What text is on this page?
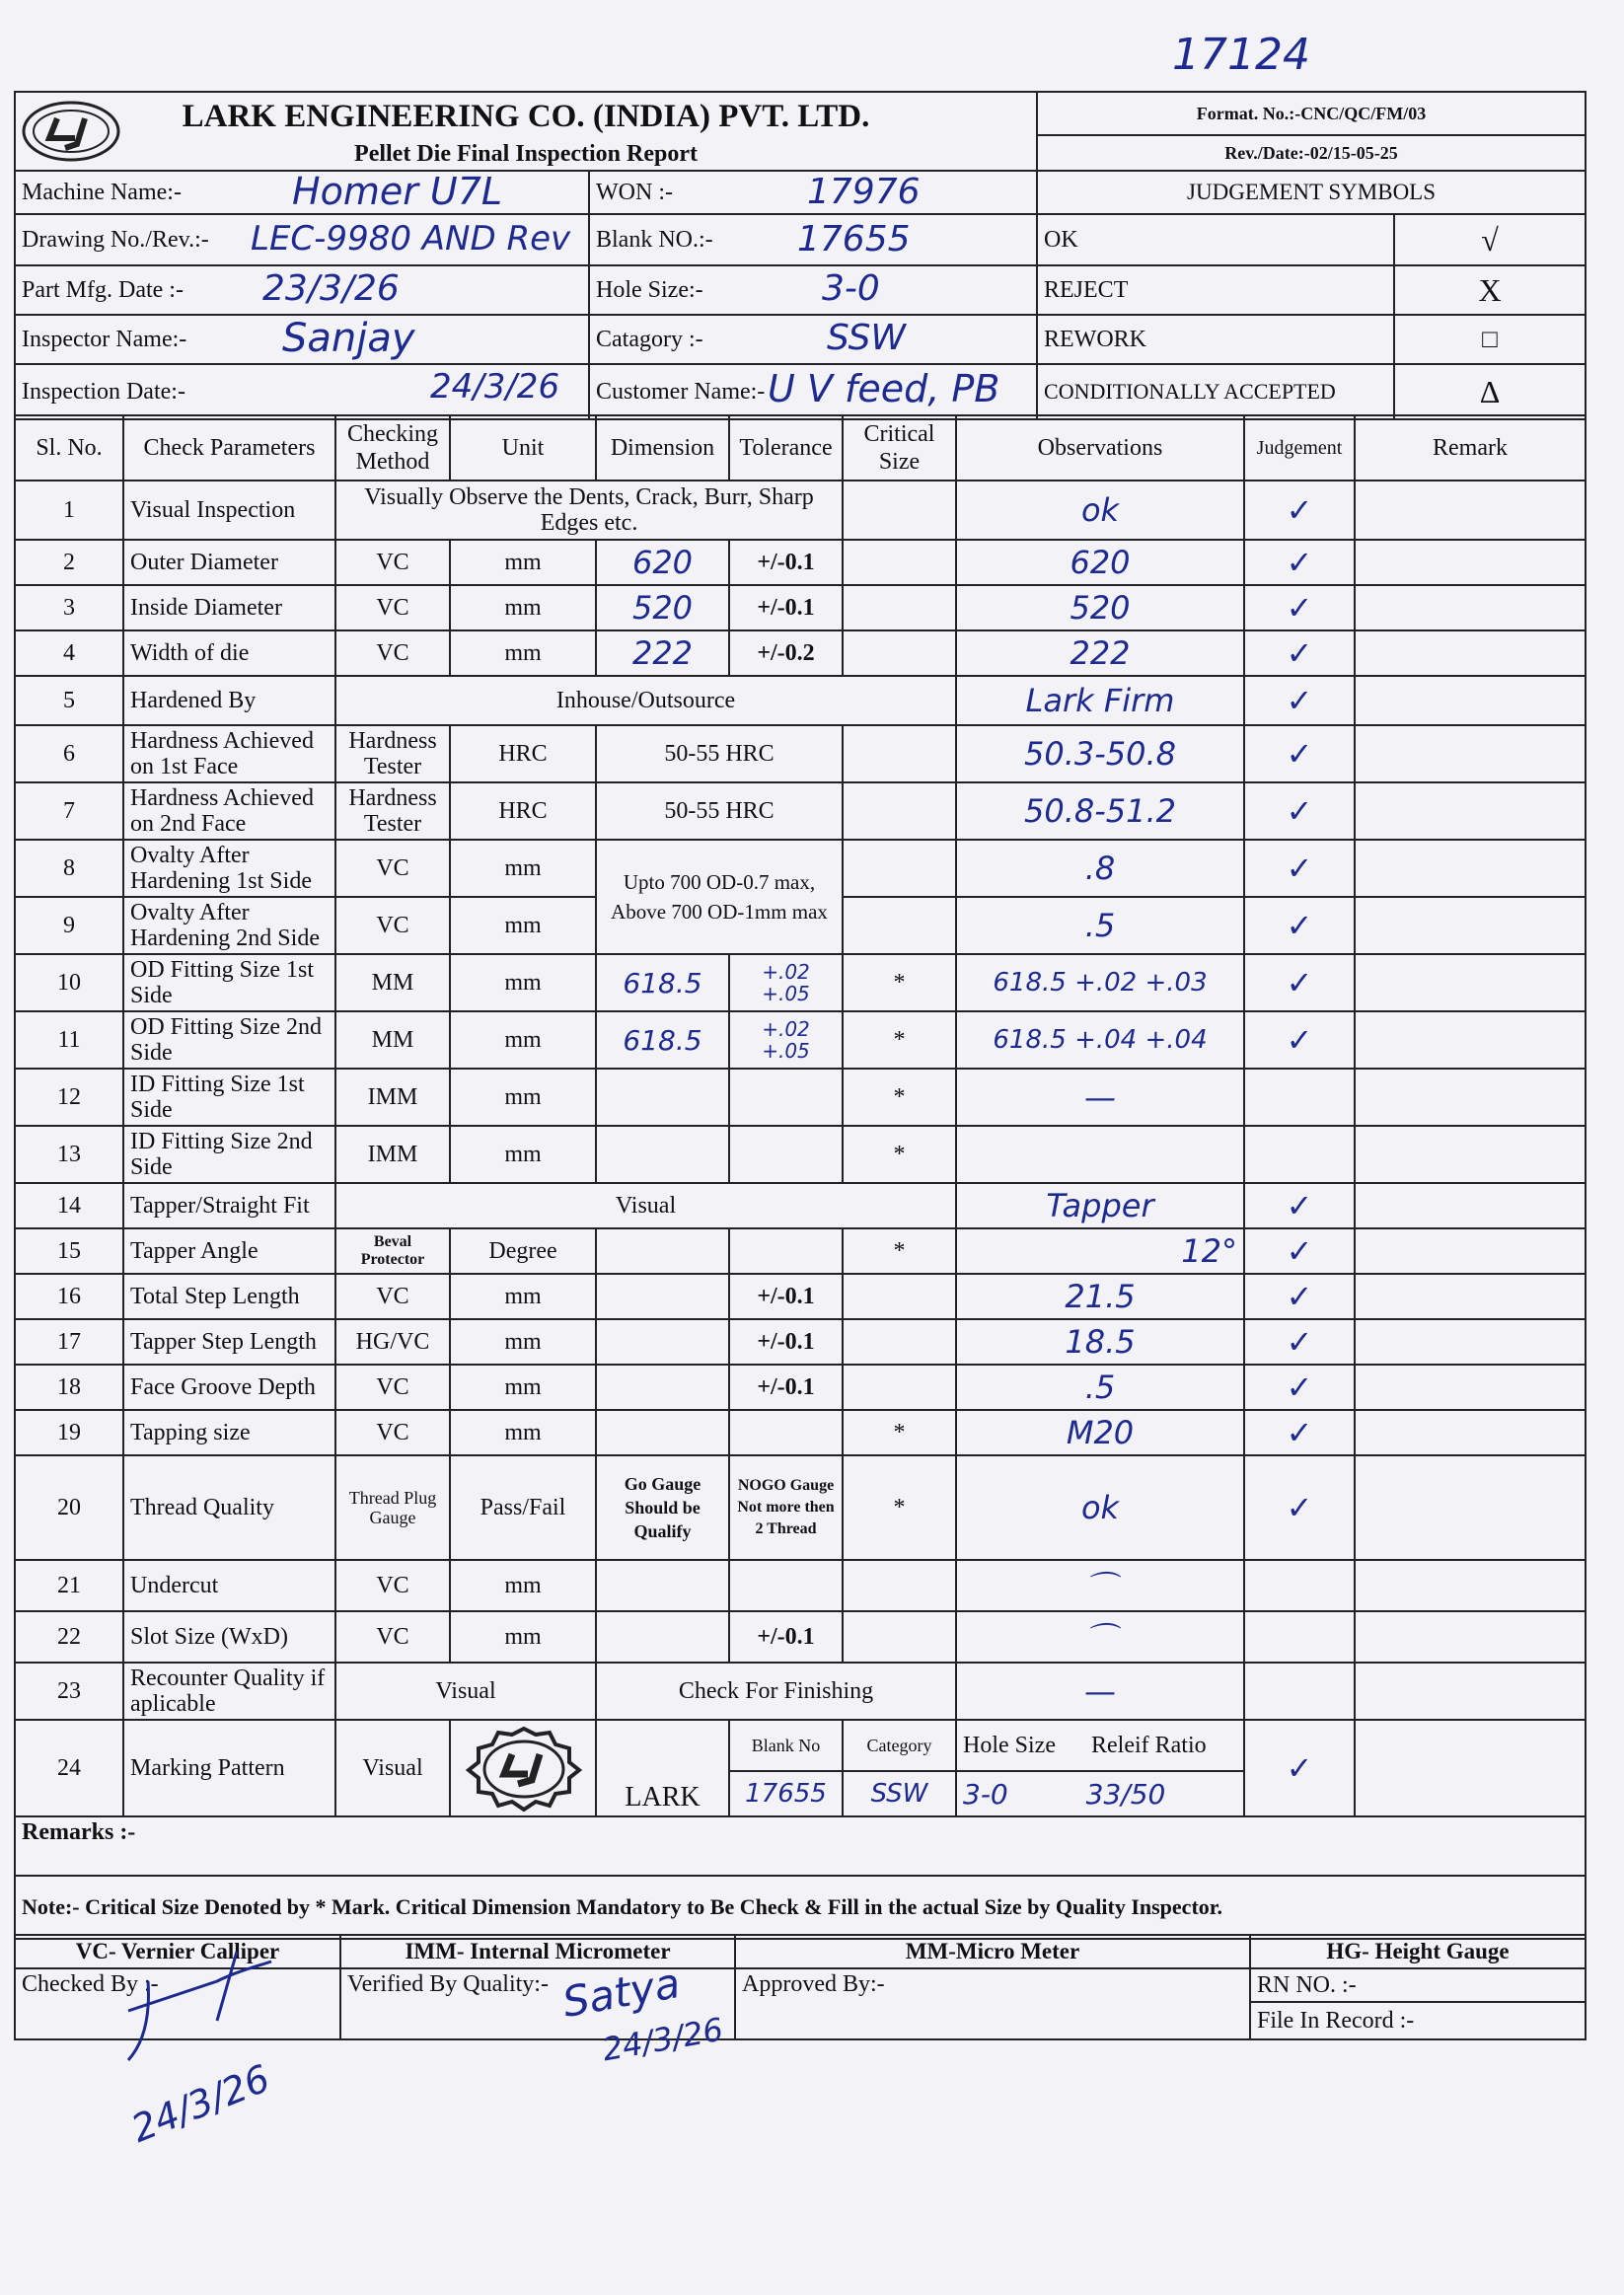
17124
LARK ENGINEERING CO. (INDIA) PVT. LTD.
Pellet Die Final Inspection Report		Format. No.:-CNC/QC/FM/03	
		Rev./Date:-02/15-05-25	
Machine Name:- Homer U7L	WON :- 17976	JUDGEMENT SYMBOLS	
Drawing No./Rev.:- LEC-9980 AND Rev	Blank NO.:- 17655	OK	√
Part Mfg. Date :- 23/3/26	Hole Size:- 3-0	REJECT	X
Inspector Name:- Sanjay	Catagory :- SSW	REWORK	□
Inspection Date:- 24/3/26	Customer Name:- U V feed, PB	CONDITIONALLY ACCEPTED	Δ
Sl. No.	Check Parameters	Checking Method	Unit	Dimension	Tolerance	Critical Size	Observations	Judgement	Remark
1	Visual Inspection	Visually Observe the Dents, Crack, Burr, Sharp Edges etc.					ok	✓	
2	Outer Diameter	VC	mm	620	+/-0.1		620	✓	
3	Inside Diameter	VC	mm	520	+/-0.1		520	✓	
4	Width of die	VC	mm	222	+/-0.2		222	✓	
5	Hardened By	Inhouse/Outsource					Lark Firm	✓	
6	Hardness Achieved on 1st Face	Hardness Tester	HRC	50-55 HRC			50.3-50.8	✓	
7	Hardness Achieved on 2nd Face	Hardness Tester	HRC	50-55 HRC			50.8-51.2	✓	
8	Ovalty After Hardening 1st Side	VC	mm	Upto 700 OD-0.7 max, Above 700 OD-1mm max			.8	✓	
9	Ovalty After Hardening 2nd Side	VC	mm				.5	✓	
10	OD Fitting Size 1st Side	MM	mm	618.5	+.02 +.05	*	618.5 +.02 +.03	✓	
11	OD Fitting Size 2nd Side	MM	mm	618.5	+.02 +.05	*	618.5 +.04 +.04	✓	
12	ID Fitting Size 1st Side	IMM	mm			*	—		
13	ID Fitting Size 2nd Side	IMM	mm			*			
14	Tapper/Straight Fit	Visual					Tapper	✓	
15	Tapper Angle	Beval Protector	Degree			*	12°	✓	
16	Total Step Length	VC	mm		+/-0.1		21.5	✓	
17	Tapper Step Length	HG/VC	mm		+/-0.1		18.5	✓	
18	Face Groove Depth	VC	mm		+/-0.1		.5	✓	
19	Tapping size	VC	mm			*	M20	✓	
20	Thread Quality	Thread Plug Gauge	Pass/Fail	Go Gauge Should be Qualify	NOGO Gauge Not more then 2 Thread	*	ok	✓	
21	Undercut	VC	mm				⌒		
22	Slot Size (WxD)	VC	mm		+/-0.1		⌒		
23	Recounter Quality if aplicable	Visual		Check For Finishing			—		
24	Marking Pattern	Visual		LARK	Blank No	Category	Hole Size Releif Ratio	✓	
					17655	SSW	3-0 33/50		
Remarks :-									
Note:- Critical Size Denoted by * Mark. Critical Dimension Mandatory to Be Check & Fill in the actual Size by Quality Inspector.									
VC- Vernier Calliper	IMM- Internal Micrometer	MM-Micro Meter	HG- Height Gauge
Checked By :-	Verified By Quality:-	Approved By:-	RN NO. :-
			File In Record :-
24/3/26
Satya
24/3/26
